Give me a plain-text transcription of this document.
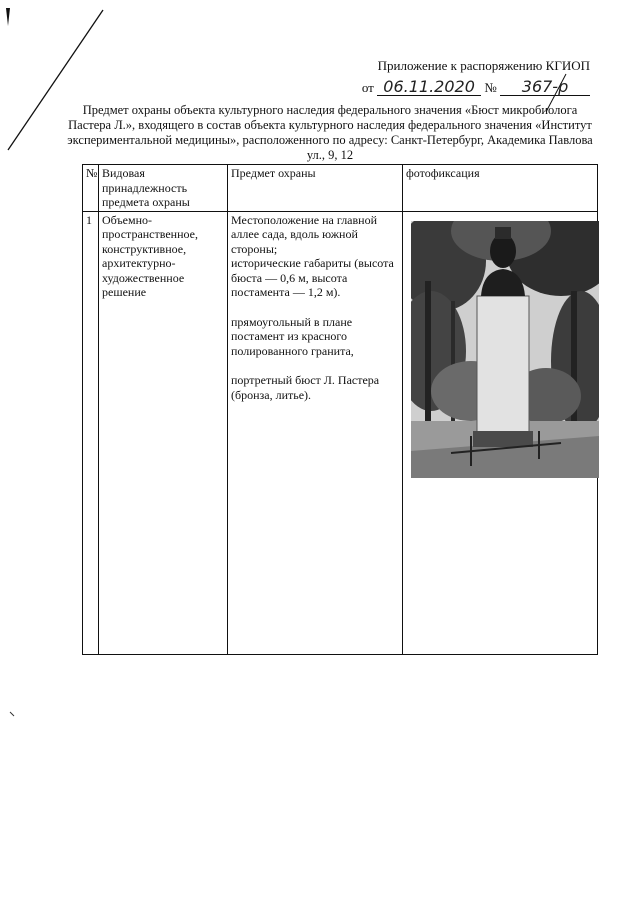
Приложение к распоряжению КГИОП
от 06.11.2020 № 367-р
Предмет охраны объекта культурного наследия федерального значения «Бюст микробиолога Пастера Л.», входящего в состав объекта культурного наследия федерального значения «Институт экспериментальной медицины», расположенного по адресу: Санкт-Петербург, Академика Павлова ул., 9, 12
№	Видовая принадлежность предмета охраны	Предмет охраны	фотофиксация
1	Объемно-пространственное, конструктивное, архитектурно-художественное решение	Местоположение на главной аллее сада, вдоль южной стороны;
исторические габариты (высота бюста — 0,6 м, высота постамента — 1,2 м).
прямоугольный в плане постамент из красного полированного гранита,
портретный бюст Л. Пастера (бронза, литье).
